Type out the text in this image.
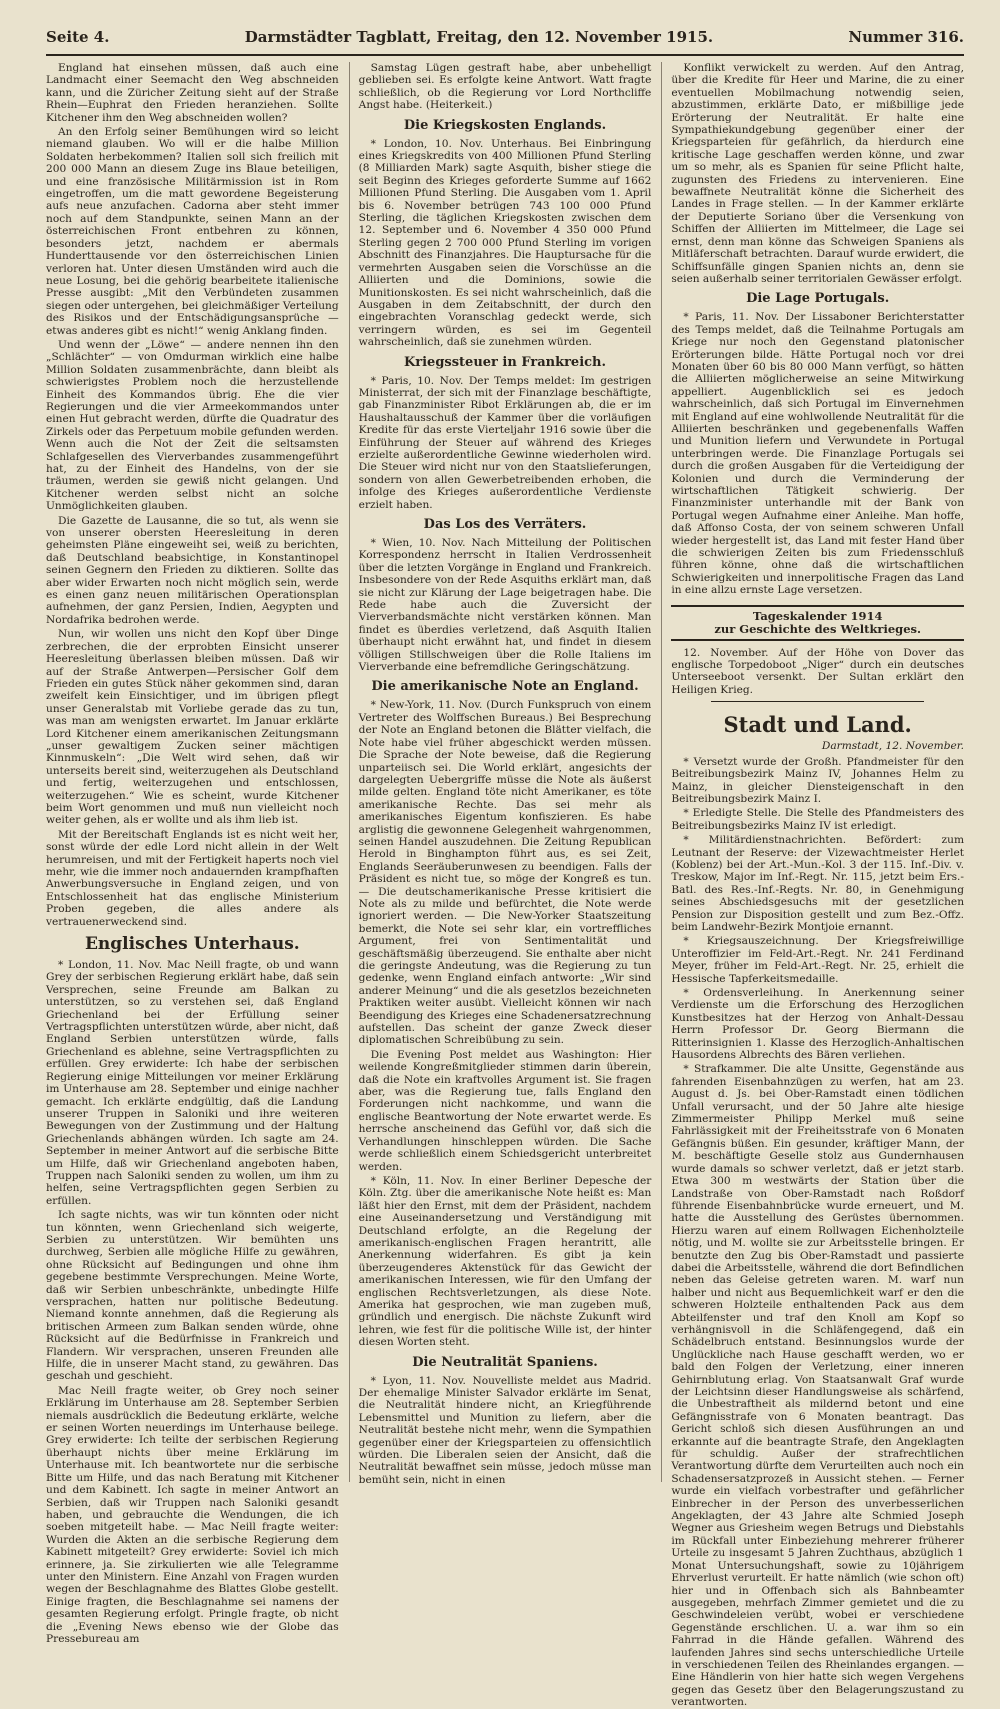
Seite 4.	Darmstädter Tagblatt, Freitag, den 12. November 1915.	Nummer 316.

England hat einsehen müssen, daß auch eine Landmacht einer Seemacht den Weg abschneiden kann, und die Züricher Zeitung sieht auf der Straße Rhein—Euphrat den Frieden heranziehen. Sollte Kitchener ihm den Weg abschneiden wollen?

An den Erfolg seiner Bemühungen wird so leicht niemand glauben. Wo will er die halbe Million Soldaten herbekommen? Italien soll sich freilich mit 200 000 Mann an diesem Zuge ins Blaue beteiligen, und eine französische Militärmission ist in Rom eingetroffen, um die matt gewordene Begeisterung aufs neue anzufachen. Cadorna aber steht immer noch auf dem Standpunkte, seinen Mann an der österreichischen Front entbehren zu können, besonders jetzt, nachdem er abermals Hunderttausende vor den österreichischen Linien verloren hat. Unter diesen Umständen wird auch die neue Losung, bei die gehörig bearbeitete italienische Presse ausgibt: „Mit den Verbündeten zusammen siegen oder untergehen, bei gleichmäßiger Verteilung des Risikos und der Entschädigungsansprüche — etwas anderes gibt es nicht!“ wenig Anklang finden.

Und wenn der „Löwe“ — andere nennen ihn den „Schlächter“ — von Omdurman wirklich eine halbe Million Soldaten zusammenbrächte, dann bleibt als schwierigstes Problem noch die herzustellende Einheit des Kommandos übrig. Ehe die vier Regierungen und die vier Armeekommandos unter einen Hut gebracht werden, dürfte die Quadratur des Zirkels oder das Perpetuum mobile gefunden werden. Wenn auch die Not der Zeit die seltsamsten Schlafgesellen des Vierverbandes zusammengeführt hat, zu der Einheit des Handelns, von der sie träumen, werden sie gewiß nicht gelangen. Und Kitchener werden selbst nicht an solche Unmöglichkeiten glauben.

Die Gazette de Lausanne, die so tut, als wenn sie von unserer obersten Heeresleitung in deren geheimsten Pläne eingeweiht sei, weiß zu berichten, daß Deutschland beabsichtige, in Konstantinopel seinen Gegnern den Frieden zu diktieren. Sollte das aber wider Erwarten noch nicht möglich sein, werde es einen ganz neuen militärischen Operationsplan aufnehmen, der ganz Persien, Indien, Aegypten und Nordafrika bedrohen werde.

Nun, wir wollen uns nicht den Kopf über Dinge zerbrechen, die der erprobten Einsicht unserer Heeresleitung überlassen bleiben müssen. Daß wir auf der Straße Antwerpen—Persischer Golf dem Frieden ein gutes Stück näher gekommen sind, daran zweifelt kein Einsichtiger, und im übrigen pflegt unser Generalstab mit Vorliebe gerade das zu tun, was man am wenigsten erwartet. Im Januar erklärte Lord Kitchener einem amerikanischen Zeitungsmann „unser gewaltigem Zucken seiner mächtigen Kinnmuskeln“: „Die Welt wird sehen, daß wir unterseits bereit sind, weiterzugehen als Deutschland und fertig, weiterzugehen und entschlossen, weiterzugehen.“ Wie es scheint, wurde Kitchener beim Wort genommen und muß nun vielleicht noch weiter gehen, als er wollte und als ihm lieb ist.

Mit der Bereitschaft Englands ist es nicht weit her, sonst würde der edle Lord nicht allein in der Welt herumreisen, und mit der Fertigkeit haperts noch viel mehr, wie die immer noch andauernden krampfhaften Anwerbungsversuche in England zeigen, und von Entschlossenheit hat das englische Ministerium Proben gegeben, die alles andere als vertrauenerweckend sind.

Englisches Unterhaus.

* London, 11. Nov. Mac Neill fragte, ob und wann Grey der serbischen Regierung erklärt habe, daß sein Versprechen, seine Freunde am Balkan zu unterstützen, so zu verstehen sei, daß England Griechenland bei der Erfüllung seiner Vertragspflichten unterstützen würde, aber nicht, daß England Serbien unterstützen würde, falls Griechenland es ablehne, seine Vertragspflichten zu erfüllen. Grey erwiderte: Ich habe der serbischen Regierung einige Mitteilungen vor meiner Erklärung im Unterhause am 28. September und einige nachher gemacht. Ich erklärte endgültig, daß die Landung unserer Truppen in Saloniki und ihre weiteren Bewegungen von der Zustimmung und der Haltung Griechenlands abhängen würden. Ich sagte am 24. September in meiner Antwort auf die serbische Bitte um Hilfe, daß wir Griechenland angeboten haben, Truppen nach Saloniki senden zu wollen, um ihm zu helfen, seine Vertragspflichten gegen Serbien zu erfüllen.

Ich sagte nichts, was wir tun könnten oder nicht tun könnten, wenn Griechenland sich weigerte, Serbien zu unterstützen. Wir bemühten uns durchweg, Serbien alle mögliche Hilfe zu gewähren, ohne Rücksicht auf Bedingungen und ohne ihm gegebene bestimmte Versprechungen. Meine Worte, daß wir Serbien unbeschränkte, unbedingte Hilfe versprachen, hatten nur politische Bedeutung. Niemand konnte annehmen, daß die Regierung als britischen Armeen zum Balkan senden würde, ohne Rücksicht auf die Bedürfnisse in Frankreich und Flandern. Wir versprachen, unseren Freunden alle Hilfe, die in unserer Macht stand, zu gewähren. Das geschah und geschieht.

Mac Neill fragte weiter, ob Grey noch seiner Erklärung im Unterhause am 28. September Serbien niemals ausdrücklich die Bedeutung erklärte, welche er seinen Worten neuerdings im Unterhause beilege. Grey erwiderte: Ich teilte der serbischen Regierung überhaupt nichts über meine Erklärung im Unterhause mit. Ich beantwortete nur die serbische Bitte um Hilfe, und das nach Beratung mit Kitchener und dem Kabinett. Ich sagte in meiner Antwort an Serbien, daß wir Truppen nach Saloniki gesandt haben, und gebrauchte die Wendungen, die ich soeben mitgeteilt habe. — Mac Neill fragte weiter: Wurden die Akten an die serbische Regierung dem Kabinett mitgeteilt? Grey erwiderte: Soviel ich mich erinnere, ja. Sie zirkulierten wie alle Telegramme unter den Ministern. Eine Anzahl von Fragen wurden wegen der Beschlagnahme des Blattes Globe gestellt. Einige fragten, die Beschlagnahme sei namens der gesamten Regierung erfolgt. Pringle fragte, ob nicht die „Evening News ebenso wie der Globe das Pressebureau am

Samstag Lügen gestraft habe, aber unbehelligt geblieben sei. Es erfolgte keine Antwort. Watt fragte schließlich, ob die Regierung vor Lord Northcliffe Angst habe. (Heiterkeit.)

Die Kriegskosten Englands.

* London, 10. Nov. Unterhaus. Bei Einbringung eines Kriegskredits von 400 Millionen Pfund Sterling (8 Milliarden Mark) sagte Asquith, bisher stiege die seit Beginn des Krieges geforderte Summe auf 1662 Millionen Pfund Sterling. Die Ausgaben vom 1. April bis 6. November betrügen 743 100 000 Pfund Sterling, die täglichen Kriegskosten zwischen dem 12. September und 6. November 4 350 000 Pfund Sterling gegen 2 700 000 Pfund Sterling im vorigen Abschnitt des Finanzjahres. Die Hauptursache für die vermehrten Ausgaben seien die Vorschüsse an die Alliierten und die Dominions, sowie die Munitionskosten. Es sei nicht wahrscheinlich, daß die Ausgaben in dem Zeitabschnitt, der durch den eingebrachten Voranschlag gedeckt werde, sich verringern würden, es sei im Gegenteil wahrscheinlich, daß sie zunehmen würden.

Kriegssteuer in Frankreich.

* Paris, 10. Nov. Der Temps meldet: Im gestrigen Ministerrat, der sich mit der Finanzlage beschäftigte, gab Finanzminister Ribot Erklärungen ab, die er im Haushaltausschuß der Kammer über die vorläufigen Kredite für das erste Vierteljahr 1916 sowie über die Einführung der Steuer auf während des Krieges erzielte außerordentliche Gewinne wiederholen wird. Die Steuer wird nicht nur von den Staatslieferungen, sondern von allen Gewerbetreibenden erhoben, die infolge des Krieges außerordentliche Verdienste erzielt haben.

Das Los des Verräters.

* Wien, 10. Nov. Nach Mitteilung der Politischen Korrespondenz herrscht in Italien Verdrossenheit über die letzten Vorgänge in England und Frankreich. Insbesondere von der Rede Asquiths erklärt man, daß sie nicht zur Klärung der Lage beigetragen habe. Die Rede habe auch die Zuversicht der Vierverbandsmächte nicht verstärken können. Man findet es überdies verletzend, daß Asquith Italien überhaupt nicht erwähnt hat, und findet in diesem völligen Stillschweigen über die Rolle Italiens im Vierverbande eine befremdliche Geringschätzung.

Die amerikanische Note an England.

* New-York, 11. Nov. (Durch Funkspruch von einem Vertreter des Wolffschen Bureaus.) Bei Besprechung der Note an England betonen die Blätter vielfach, die Note habe viel früher abgeschickt werden müssen. Die Sprache der Note beweise, daß die Regierung unparteiisch sei. Die World erklärt, angesichts der dargelegten Uebergriffe müsse die Note als äußerst milde gelten. England töte nicht Amerikaner, es töte amerikanische Rechte. Das sei mehr als amerikanisches Eigentum konfiszieren. Es habe arglistig die gewonnene Gelegenheit wahrgenommen, seinen Handel auszudehnen. Die Zeitung Republican Herold in Binghampton führt aus, es sei Zeit, Englands Seeräuberunwesen zu beendigen. Falls der Präsident es nicht tue, so möge der Kongreß es tun. — Die deutschamerikanische Presse kritisiert die Note als zu milde und befürchtet, die Note werde ignoriert werden. — Die New-Yorker Staatszeitung bemerkt, die Note sei sehr klar, ein vortreffliches Argument, frei von Sentimentalität und geschäftsmäßig überzeugend. Sie enthalte aber nicht die geringste Andeutung, was die Regierung zu tun gedenke, wenn England einfach antworte: „Wir sind anderer Meinung“ und die als gesetzlos bezeichneten Praktiken weiter ausübt. Vielleicht können wir nach Beendigung des Krieges eine Schadenersatzrechnung aufstellen. Das scheint der ganze Zweck dieser diplomatischen Schreibübung zu sein.

Die Evening Post meldet aus Washington: Hier weilende Kongreßmitglieder stimmen darin überein, daß die Note ein kraftvolles Argument ist. Sie fragen aber, was die Regierung tue, falls England den Forderungen nicht nachkomme, und wann die englische Beantwortung der Note erwartet werde. Es herrsche anscheinend das Gefühl vor, daß sich die Verhandlungen hinschleppen würden. Die Sache werde schließlich einem Schiedsgericht unterbreitet werden.

* Köln, 11. Nov. In einer Berliner Depesche der Köln. Ztg. über die amerikanische Note heißt es: Man läßt hier den Ernst, mit dem der Präsident, nachdem eine Auseinandersetzung und Verständigung mit Deutschland erfolgte, an die Regelung der amerikanisch-englischen Fragen herantritt, alle Anerkennung widerfahren. Es gibt ja kein überzeugenderes Aktenstück für das Gewicht der amerikanischen Interessen, wie für den Umfang der englischen Rechtsverletzungen, als diese Note. Amerika hat gesprochen, wie man zugeben muß, gründlich und energisch. Die nächste Zukunft wird lehren, wie fest für die politische Wille ist, der hinter diesen Worten steht.

Die Neutralität Spaniens.

* Lyon, 11. Nov. Nouvelliste meldet aus Madrid. Der ehemalige Minister Salvador erklärte im Senat, die Neutralität hindere nicht, an Kriegführende Lebensmittel und Munition zu liefern, aber die Neutralität bestehe nicht mehr, wenn die Sympathien gegenüber einer der Kriegsparteien zu offensichtlich würden. Die Liberalen seien der Ansicht, daß die Neutralität bewaffnet sein müsse, jedoch müsse man bemüht sein, nicht in einen

Konflikt verwickelt zu werden. Auf den Antrag, über die Kredite für Heer und Marine, die zu einer eventuellen Mobilmachung notwendig seien, abzustimmen, erklärte Dato, er mißbillige jede Erörterung der Neutralität. Er halte eine Sympathiekundgebung gegenüber einer der Kriegsparteien für gefährlich, da hierdurch eine kritische Lage geschaffen werden könne, und zwar um so mehr, als es Spanien für seine Pflicht halte, zugunsten des Friedens zu intervenieren. Eine bewaffnete Neutralität könne die Sicherheit des Landes in Frage stellen. — In der Kammer erklärte der Deputierte Soriano über die Versenkung von Schiffen der Alliierten im Mittelmeer, die Lage sei ernst, denn man könne das Schweigen Spaniens als Mitläferschaft betrachten. Darauf wurde erwidert, die Schiffsunfälle gingen Spanien nichts an, denn sie seien außerhalb seiner territorialen Gewässer erfolgt.

Die Lage Portugals.

* Paris, 11. Nov. Der Lissaboner Berichterstatter des Temps meldet, daß die Teilnahme Portugals am Kriege nur noch den Gegenstand platonischer Erörterungen bilde. Hätte Portugal noch vor drei Monaten über 60 bis 80 000 Mann verfügt, so hätten die Alliierten möglicherweise an seine Mitwirkung appelliert. Augenblicklich sei es jedoch wahrscheinlich, daß sich Portugal im Einvernehmen mit England auf eine wohlwollende Neutralität für die Alliierten beschränken und gegebenenfalls Waffen und Munition liefern und Verwundete in Portugal unterbringen werde. Die Finanzlage Portugals sei durch die großen Ausgaben für die Verteidigung der Kolonien und durch die Verminderung der wirtschaftlichen Tätigkeit schwierig. Der Finanzminister unterhandle mit der Bank von Portugal wegen Aufnahme einer Anleihe. Man hoffe, daß Affonso Costa, der von seinem schweren Unfall wieder hergestellt ist, das Land mit fester Hand über die schwierigen Zeiten bis zum Friedensschluß führen könne, ohne daß die wirtschaftlichen Schwierigkeiten und innerpolitische Fragen das Land in eine allzu ernste Lage versetzen.

Tageskalender 1914
zur Geschichte des Weltkrieges.

12. November. Auf der Höhe von Dover das englische Torpedoboot „Niger“ durch ein deutsches Unterseeboot versenkt. Der Sultan erklärt den Heiligen Krieg.

Stadt und Land.
Darmstadt, 12. November.

* Versetzt wurde der Großh. Pfandmeister für den Beitreibungsbezirk Mainz IV, Johannes Helm zu Mainz, in gleicher Diensteigenschaft in den Beitreibungsbezirk Mainz I.

* Erledigte Stelle. Die Stelle des Pfandmeisters des Beitreibungsbezirks Mainz IV ist erledigt.

* Militärdienstnachrichten. Befördert: zum Leutnant der Reserve: der Vizewachtmeister Herlet (Koblenz) bei der Art.-Mun.-Kol. 3 der 115. Inf.-Div. v. Treskow, Major im Inf.-Regt. Nr. 115, jetzt beim Ers.-Batl. des Res.-Inf.-Regts. Nr. 80, in Genehmigung seines Abschiedsgesuchs mit der gesetzlichen Pension zur Disposition gestellt und zum Bez.-Offz. beim Landwehr-Bezirk Montjoie ernannt.

* Kriegsauszeichnung. Der Kriegsfreiwillige Unteroffizier im Feld-Art.-Regt. Nr. 241 Ferdinand Meyer, früher im Feld-Art.-Regt. Nr. 25, erhielt die Hessische Tapferkeitsmedaille.

* Ordensverleihung. In Anerkennung seiner Verdienste um die Erforschung des Herzoglichen Kunstbesitzes hat der Herzog von Anhalt-Dessau Herrn Professor Dr. Georg Biermann die Ritterinsignien 1. Klasse des Herzoglich-Anhaltischen Hausordens Albrechts des Bären verliehen.

* Strafkammer. Die alte Unsitte, Gegenstände aus fahrenden Eisenbahnzügen zu werfen, hat am 23. August d. Js. bei Ober-Ramstadt einen tödlichen Unfall verursacht, und der 50 Jahre alte hiesige Zimmermeister Philipp Merkel muß seine Fahrlässigkeit mit der Freiheitsstrafe von 6 Monaten Gefängnis büßen. Ein gesunder, kräftiger Mann, der M. beschäftigte Geselle stolz aus Gundernhausen wurde damals so schwer verletzt, daß er jetzt starb. Etwa 300 m westwärts der Station über die Landstraße von Ober-Ramstadt nach Roßdorf führende Eisenbahnbrücke wurde erneuert, und M. hatte die Ausstellung des Gerüstes übernommen. Hierzu waren auf einem Rollwagen Eichenholzteile nötig, und M. wollte sie zur Arbeitsstelle bringen. Er benutzte den Zug bis Ober-Ramstadt und passierte dabei die Arbeitsstelle, während die dort Befindlichen neben das Geleise getreten waren. M. warf nun halber und nicht aus Bequemlichkeit warf er den die schweren Holzteile enthaltenden Pack aus dem Abteilfenster und traf den Knoll am Kopf so verhängnisvoll in die Schläfengegend, daß ein Schädelbruch entstand. Besinnungslos wurde der Unglückliche nach Hause geschafft werden, wo er bald den Folgen der Verletzung, einer inneren Gehirnblutung erlag. Von Staatsanwalt Graf wurde der Leichtsinn dieser Handlungsweise als schärfend, die Unbestraftheit als mildernd betont und eine Gefängnisstrafe von 6 Monaten beantragt. Das Gericht schloß sich diesen Ausführungen an und erkannte auf die beantragte Strafe, den Angeklagten für schuldig. Außer der strafrechtlichen Verantwortung dürfte dem Verurteilten auch noch ein Schadensersatzprozeß in Aussicht stehen. — Ferner wurde ein vielfach vorbestrafter und gefährlicher Einbrecher in der Person des unverbesserlichen Angeklagten, der 43 Jahre alte Schmied Joseph Wegner aus Griesheim wegen Betrugs und Diebstahls im Rückfall unter Einbeziehung mehrerer früherer Urteile zu insgesamt 5 Jahren Zuchthaus, abzüglich 1 Monat Untersuchungshaft, sowie zu 10jährigem Ehrverlust verurteilt. Er hatte nämlich (wie schon oft) hier und in Offenbach sich als Bahnbeamter ausgegeben, mehrfach Zimmer gemietet und die zu Geschwindeleien verübt, wobei er verschiedene Gegenstände erschlichen. U. a. war ihm so ein Fahrrad in die Hände gefallen. Während des laufenden Jahres sind sechs unterschiedliche Urteile in verschiedenen Teilen des Rheinlandes ergangen. — Eine Händlerin von hier hatte sich wegen Vergehens gegen das Gesetz über den Belagerungszustand zu verantworten.
